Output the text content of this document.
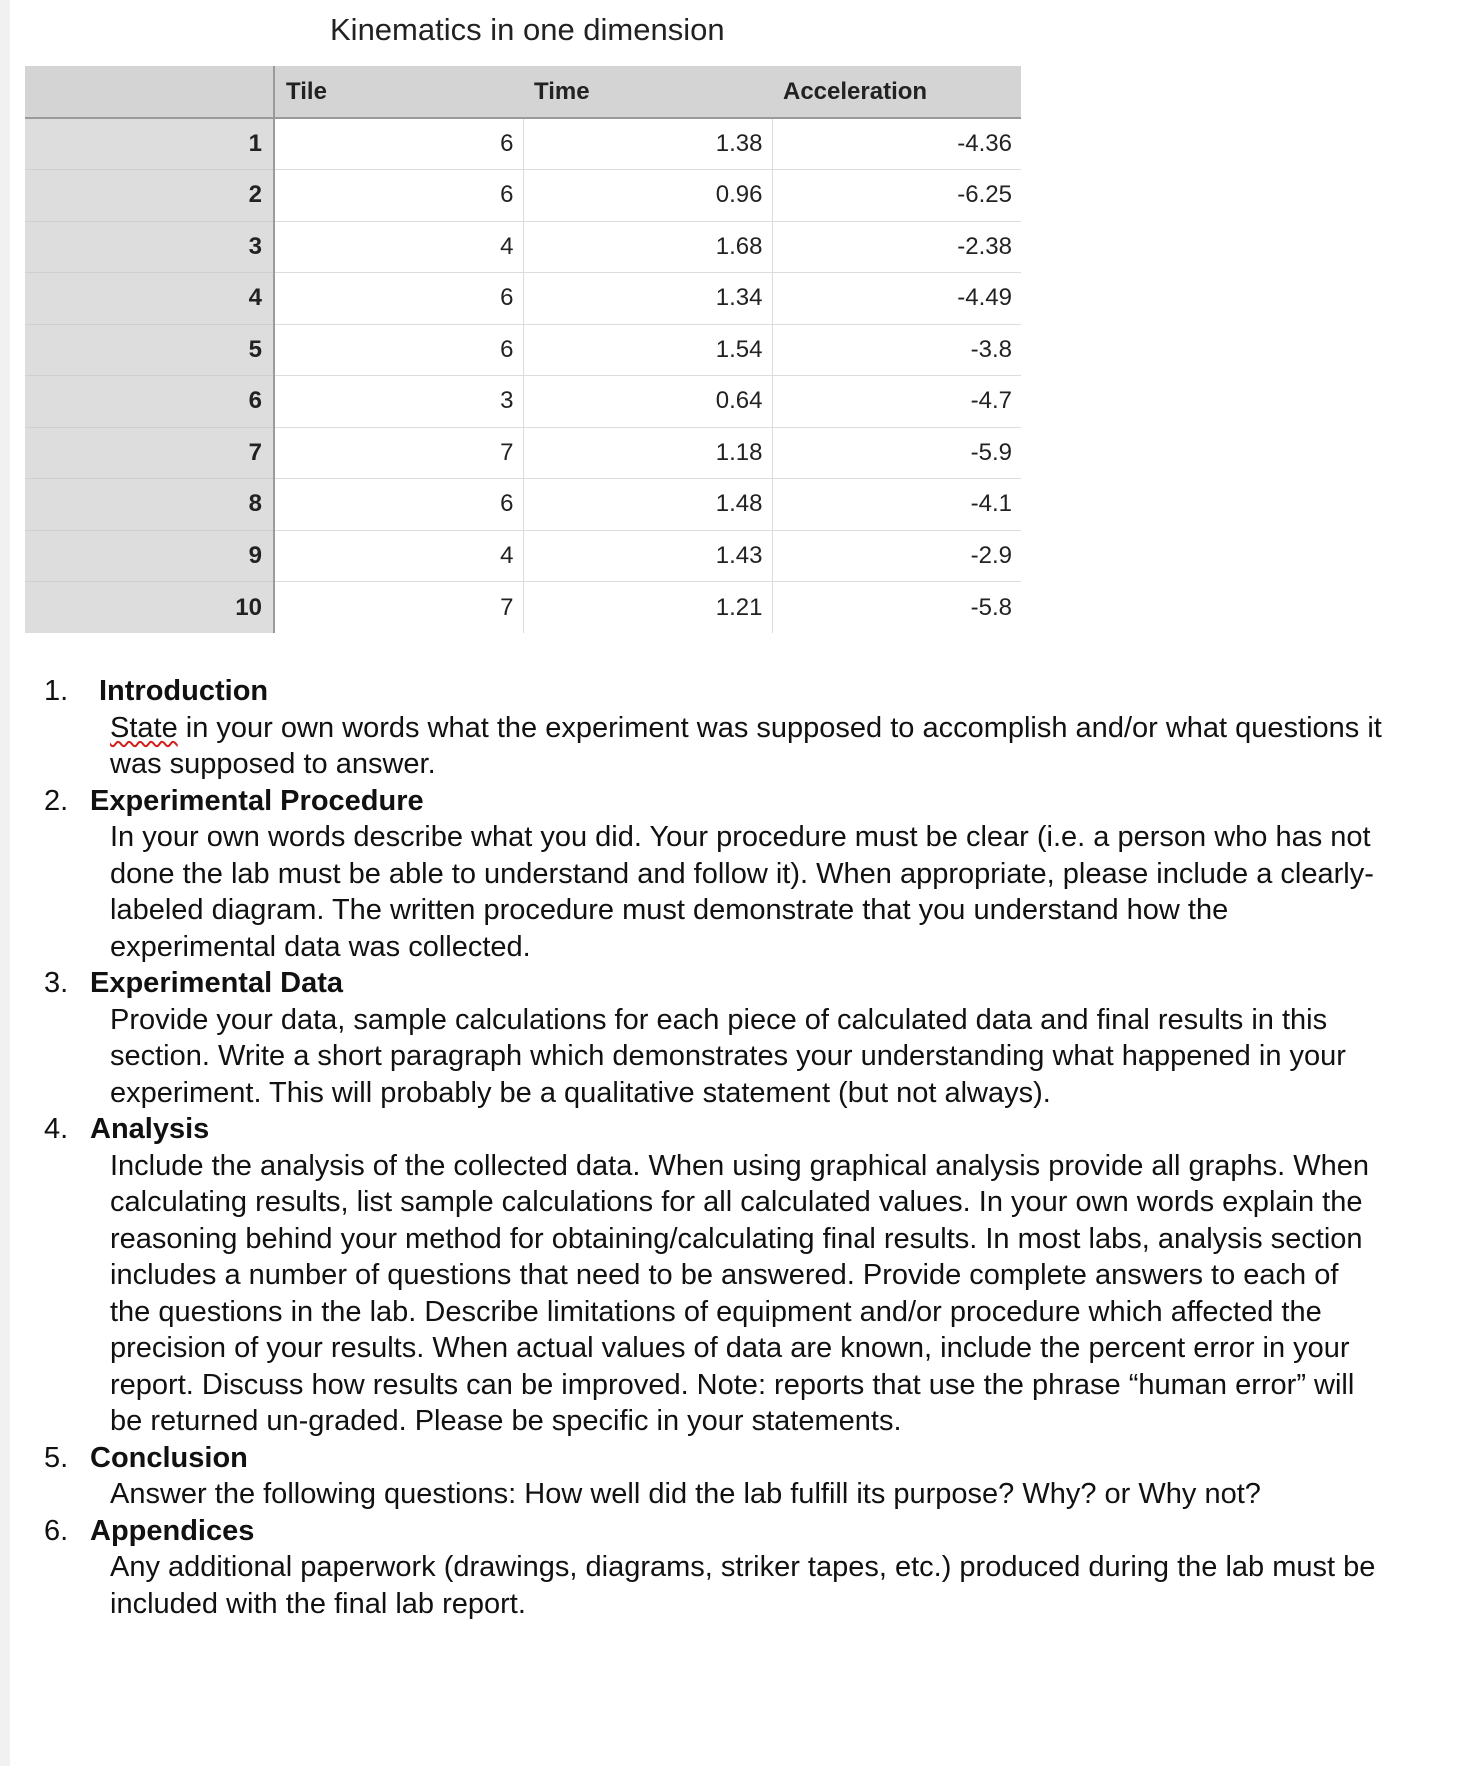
Kinematics in one dimension
	Tile	Time	Acceleration
1	6	1.38	-4.36
2	6	0.96	-6.25
3	4	1.68	-2.38
4	6	1.34	-4.49
5	6	1.54	-3.8
6	3	0.64	-4.7
7	7	1.18	-5.9
8	6	1.48	-4.1
9	4	1.43	-2.9
10	7	1.21	-5.8
1.	Introduction
State in your own words what the experiment was supposed to accomplish and/or what questions it was supposed to answer.
2. Experimental Procedure
In your own words describe what you did. Your procedure must be clear (i.e. a person who has not done the lab must be able to understand and follow it). When appropriate, please include a clearly-labeled diagram. The written procedure must demonstrate that you understand how the experimental data was collected.
3. Experimental Data
Provide your data, sample calculations for each piece of calculated data and final results in this section. Write a short paragraph which demonstrates your understanding what happened in your experiment. This will probably be a qualitative statement (but not always).
4. Analysis
Include the analysis of the collected data. When using graphical analysis provide all graphs. When calculating results, list sample calculations for all calculated values. In your own words explain the reasoning behind your method for obtaining/calculating final results. In most labs, analysis section includes a number of questions that need to be answered. Provide complete answers to each of the questions in the lab. Describe limitations of equipment and/or procedure which affected the precision of your results. When actual values of data are known, include the percent error in your report. Discuss how results can be improved. Note: reports that use the phrase “human error” will be returned un-graded. Please be specific in your statements.
5. Conclusion
Answer the following questions: How well did the lab fulfill its purpose? Why? or Why not?
6. Appendices
Any additional paperwork (drawings, diagrams, striker tapes, etc.) produced during the lab must be included with the final lab report.
